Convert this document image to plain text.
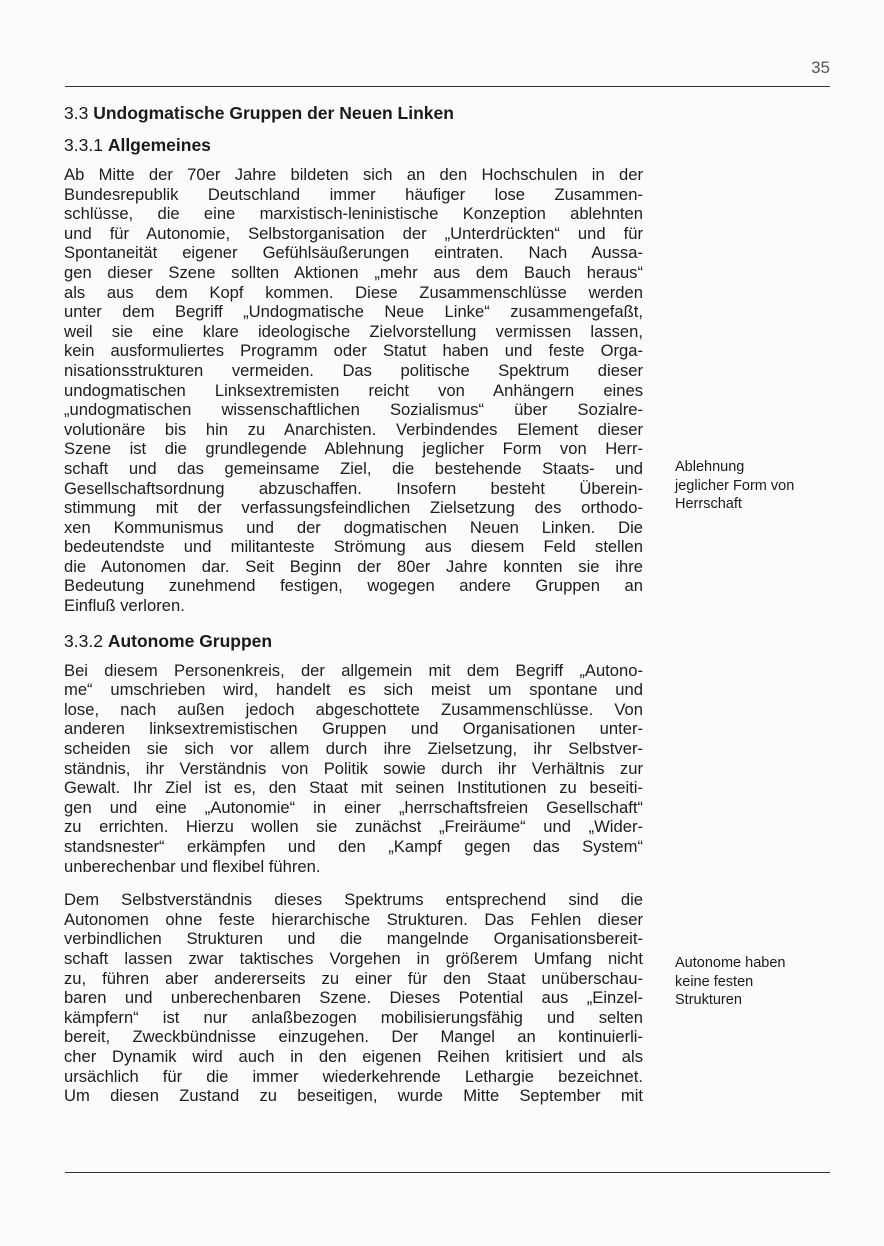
35
3.3 Undogmatische Gruppen der Neuen Linken
3.3.1 Allgemeines
Ab Mitte der 70er Jahre bildeten sich an den Hochschulen in der
Bundesrepublik Deutschland immer häufiger lose Zusammen-
schlüsse, die eine marxistisch-leninistische Konzeption ablehnten
und für Autonomie, Selbstorganisation der „Unterdrückten“ und für
Spontaneität eigener Gefühlsäußerungen eintraten. Nach Aussa-
gen dieser Szene sollten Aktionen „mehr aus dem Bauch heraus“
als aus dem Kopf kommen. Diese Zusammenschlüsse werden
unter dem Begriff „Undogmatische Neue Linke“ zusammengefaßt,
weil sie eine klare ideologische Zielvorstellung vermissen lassen,
kein ausformuliertes Programm oder Statut haben und feste Orga-
nisationsstrukturen vermeiden. Das politische Spektrum dieser
undogmatischen Linksextremisten reicht von Anhängern eines
„undogmatischen wissenschaftlichen Sozialismus“ über Sozialre-
volutionäre bis hin zu Anarchisten. Verbindendes Element dieser
Szene ist die grundlegende Ablehnung jeglicher Form von Herr-
schaft und das gemeinsame Ziel, die bestehende Staats- und
Gesellschaftsordnung abzuschaffen. Insofern besteht Überein-
stimmung mit der verfassungsfeindlichen Zielsetzung des orthodo-
xen Kommunismus und der dogmatischen Neuen Linken. Die
bedeutendste und militanteste Strömung aus diesem Feld stellen
die Autonomen dar. Seit Beginn der 80er Jahre konnten sie ihre
Bedeutung zunehmend festigen, wogegen andere Gruppen an
Einfluß verloren.
3.3.2 Autonome Gruppen
Bei diesem Personenkreis, der allgemein mit dem Begriff „Autono-
me“ umschrieben wird, handelt es sich meist um spontane und
lose, nach außen jedoch abgeschottete Zusammenschlüsse. Von
anderen linksextremistischen Gruppen und Organisationen unter-
scheiden sie sich vor allem durch ihre Zielsetzung, ihr Selbstver-
ständnis, ihr Verständnis von Politik sowie durch ihr Verhältnis zur
Gewalt. Ihr Ziel ist es, den Staat mit seinen Institutionen zu beseiti-
gen und eine „Autonomie“ in einer „herrschaftsfreien Gesellschaft“
zu errichten. Hierzu wollen sie zunächst „Freiräume“ und „Wider-
standsnester“ erkämpfen und den „Kampf gegen das System“
unberechenbar und flexibel führen.
Dem Selbstverständnis dieses Spektrums entsprechend sind die
Autonomen ohne feste hierarchische Strukturen. Das Fehlen dieser
verbindlichen Strukturen und die mangelnde Organisationsbereit-
schaft lassen zwar taktisches Vorgehen in größerem Umfang nicht
zu, führen aber andererseits zu einer für den Staat unüberschau-
baren und unberechenbaren Szene. Dieses Potential aus „Einzel-
kämpfern“ ist nur anlaßbezogen mobilisierungsfähig und selten
bereit, Zweckbündnisse einzugehen. Der Mangel an kontinuierli-
cher Dynamik wird auch in den eigenen Reihen kritisiert und als
ursächlich für die immer wiederkehrende Lethargie bezeichnet.
Um diesen Zustand zu beseitigen, wurde Mitte September mit
Ablehnung
jeglicher Form von
Herrschaft
Autonome haben
keine festen
Strukturen
